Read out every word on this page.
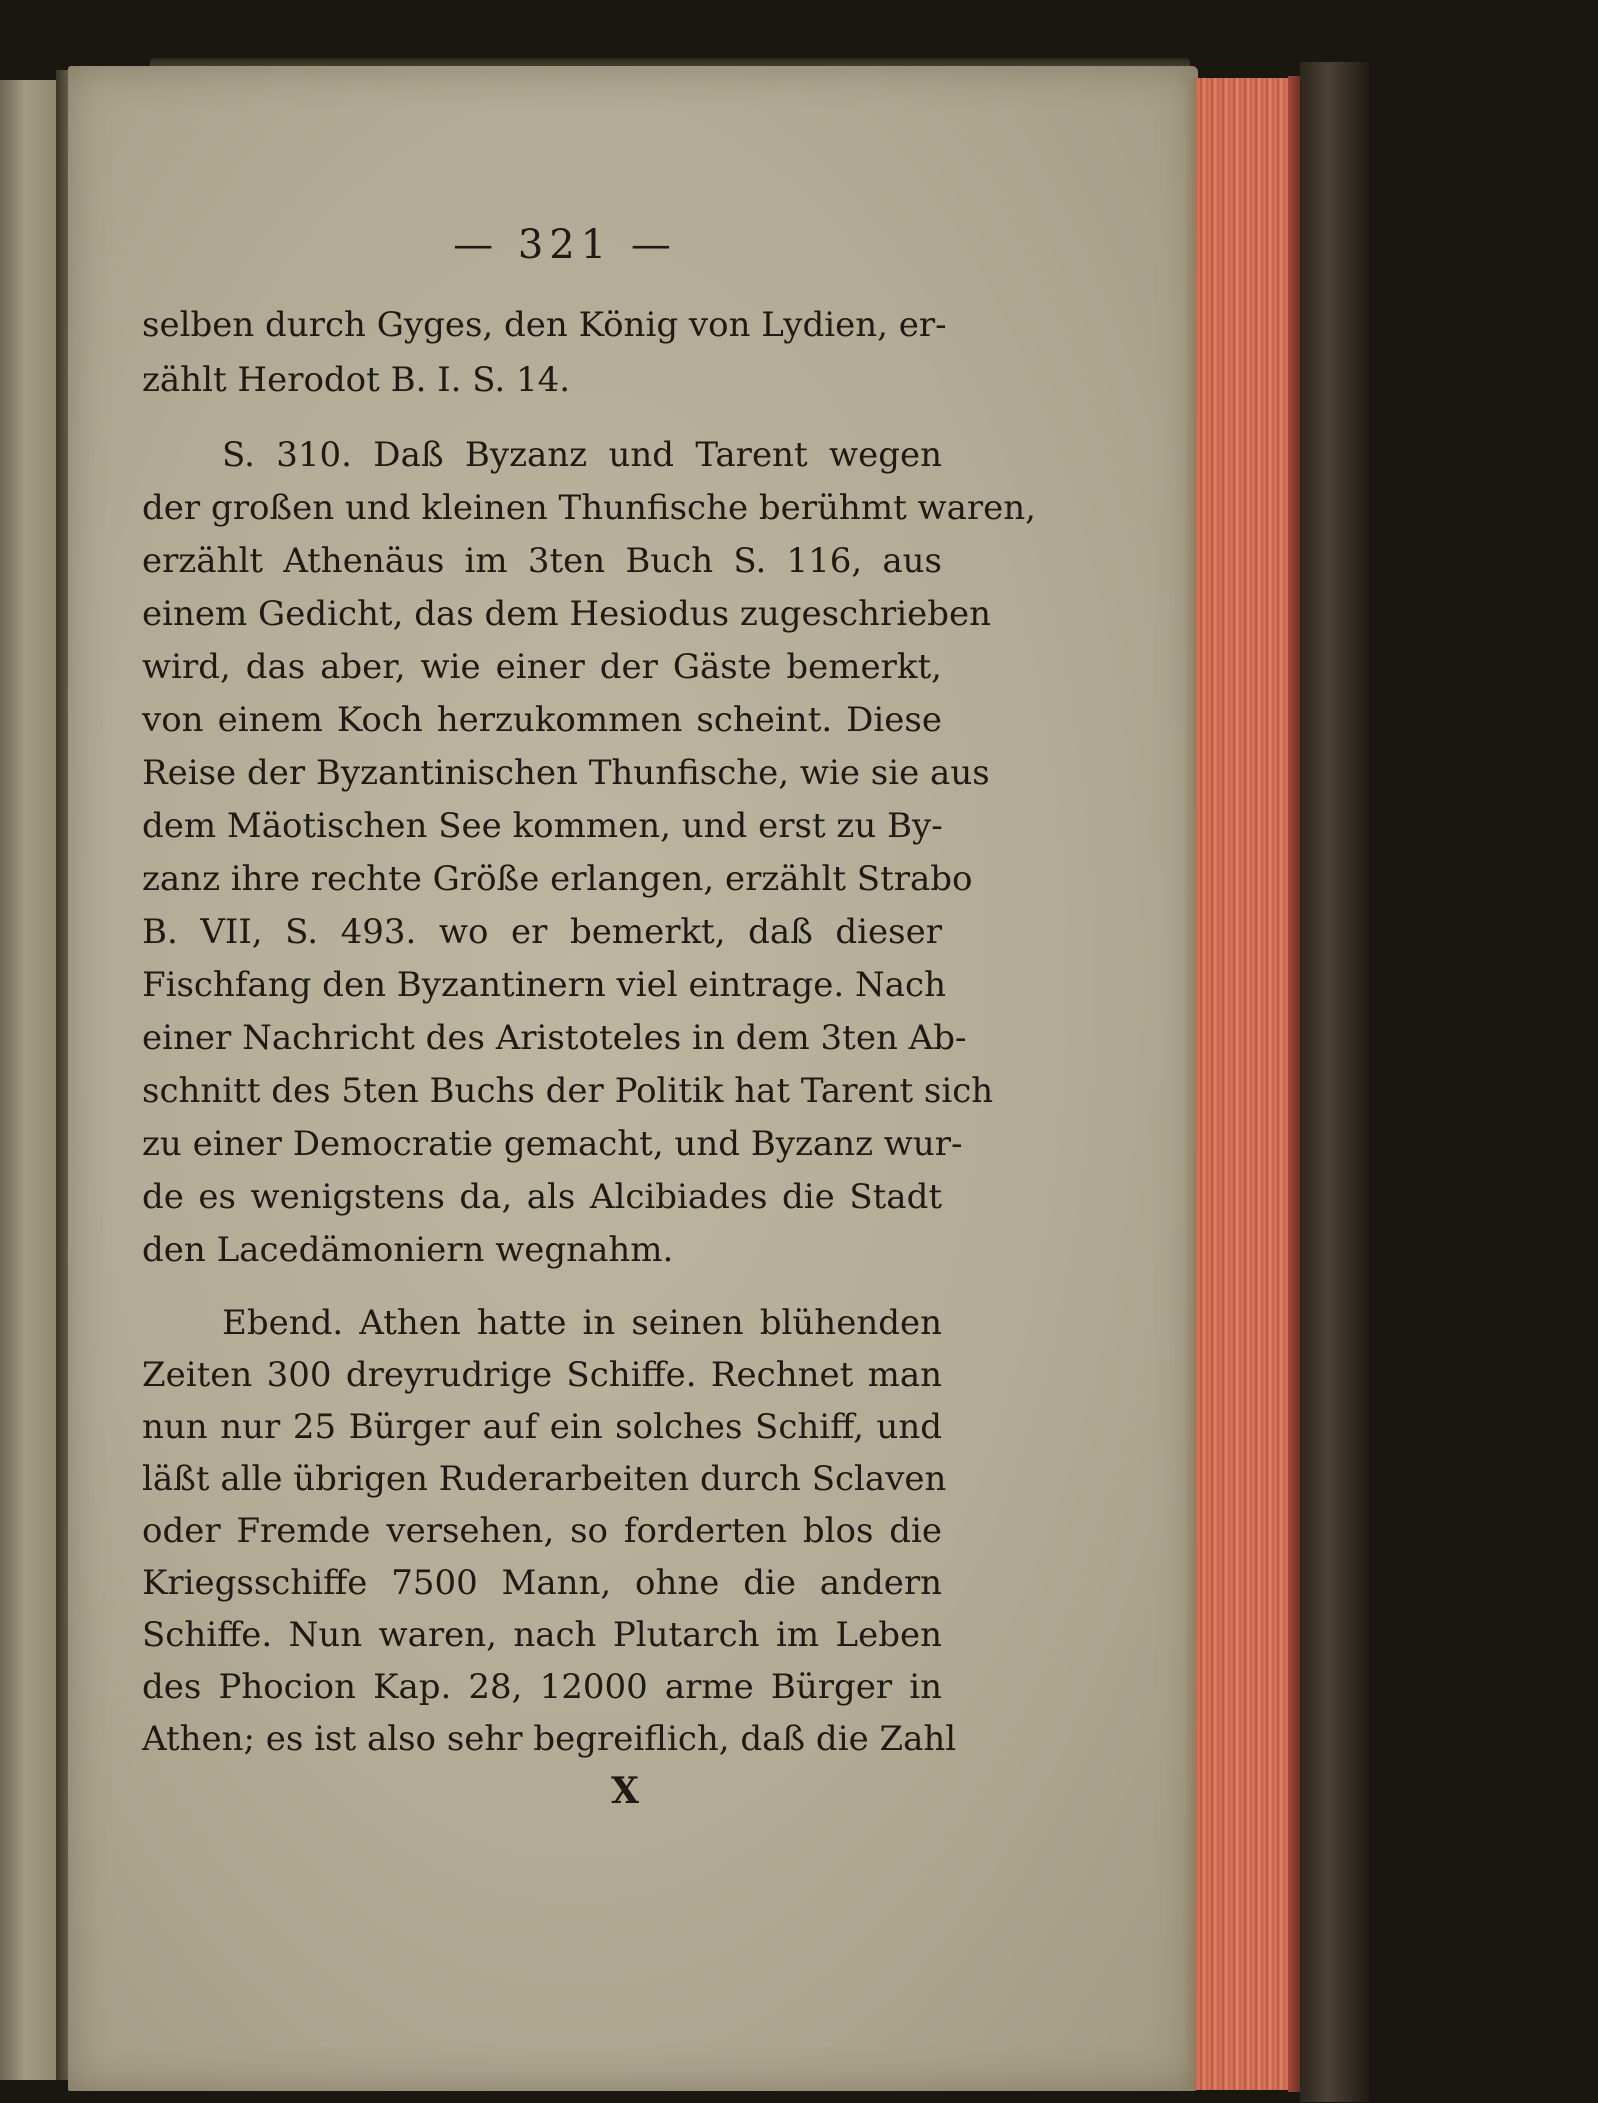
— 321 —
selben durch Gyges, den König von Lydien, er-
zählt Herodot B. I. S. 14.
S. 310. Daß Byzanz und Tarent wegen
der großen und kleinen Thunfische berühmt waren,
erzählt Athenäus im 3ten Buch S. 116, aus
einem Gedicht, das dem Hesiodus zugeschrieben
wird, das aber, wie einer der Gäste bemerkt,
von einem Koch herzukommen scheint. Diese
Reise der Byzantinischen Thunfische, wie sie aus
dem Mäotischen See kommen, und erst zu By-
zanz ihre rechte Größe erlangen, erzählt Strabo
B. VII, S. 493. wo er bemerkt, daß dieser
Fischfang den Byzantinern viel eintrage. Nach
einer Nachricht des Aristoteles in dem 3ten Ab-
schnitt des 5ten Buchs der Politik hat Tarent sich
zu einer Democratie gemacht, und Byzanz wur-
de es wenigstens da, als Alcibiades die Stadt
den Lacedämoniern wegnahm.
Ebend. Athen hatte in seinen blühenden
Zeiten 300 dreyrudrige Schiffe. Rechnet man
nun nur 25 Bürger auf ein solches Schiff, und
läßt alle übrigen Ruderarbeiten durch Sclaven
oder Fremde versehen, so forderten blos die
Kriegsschiffe 7500 Mann, ohne die andern
Schiffe. Nun waren, nach Plutarch im Leben
des Phocion Kap. 28, 12000 arme Bürger in
Athen; es ist also sehr begreiflich, daß die Zahl
X
